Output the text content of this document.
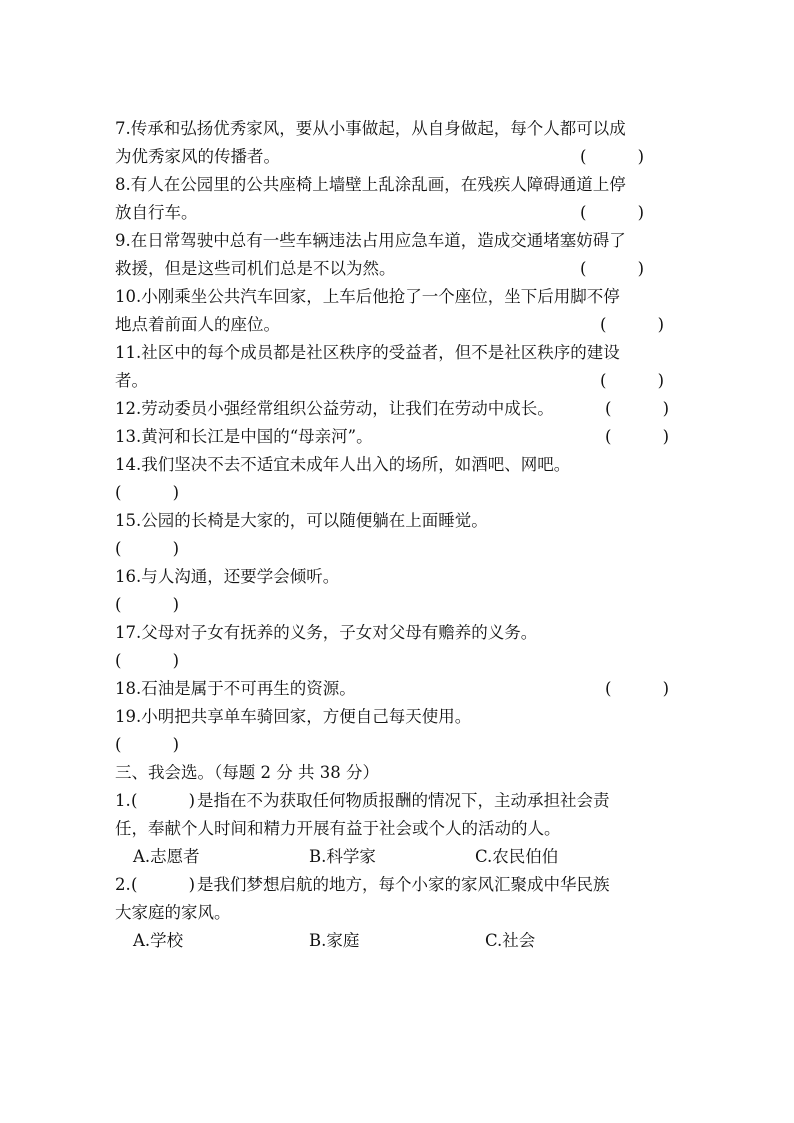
7.传承和弘扬优秀家风，要从小事做起，从自身做起，每个人都可以成
为优秀家风的传播者。	(	)
8.有人在公园里的公共座椅上墙壁上乱涂乱画，在残疾人障碍通道上停
放自行车。	(	)
9.在日常驾驶中总有一些车辆违法占用应急车道，造成交通堵塞妨碍了
救援，但是这些司机们总是不以为然。	(	)
10.小刚乘坐公共汽车回家，上车后他抢了一个座位，坐下后用脚不停
地点着前面人的座位。	(	)
11.社区中的每个成员都是社区秩序的受益者，但不是社区秩序的建设
者。	(	)
12.劳动委员小强经常组织公益劳动，让我们在劳动中成长。	(	)
13.黄河和长江是中国的“母亲河”。	(	)
14.我们坚决不去不适宜未成年人出入的场所，如酒吧、网吧。
(	)
15.公园的长椅是大家的，可以随便躺在上面睡觉。
(	)
16.与人沟通，还要学会倾听。
(	)
17.父母对子女有抚养的义务，子女对父母有赡养的义务。
(	)
18.石油是属于不可再生的资源。	(	)
19.小明把共享单车骑回家，方便自己每天使用。
(	)
三、我会选。（每题 2 分 共 38 分）
1. (	) 是指在不为获取任何物质报酬的情况下，主动承担社会责
任，奉献个人时间和精力开展有益于社会或个人的活动的人。
A.志愿者	B.科学家	C.农民伯伯
2. (	) 是我们梦想启航的地方，每个小家的家风汇聚成中华民族
大家庭的家风。
A.学校	B.家庭	C.社会
